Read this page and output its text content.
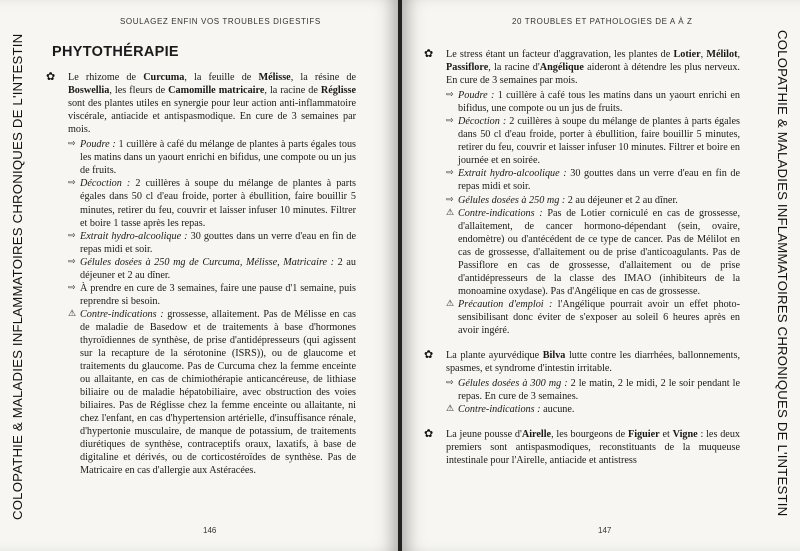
SOULAGEZ ENFIN VOS TROUBLES DIGESTIFS
COLOPATHIE & MALADIES INFLAMMATOIRES CHRONIQUES DE L'INTESTIN PHYTOTHÉRAPIE
✿ Le rhizome de Curcuma, la feuille de Mélisse, la résine de Boswellia, les fleurs de Camomille matricaire, la racine de Réglisse sont des plantes utiles en synergie pour leur action anti-inflammatoire viscérale, antiacide et antispasmodique. En cure de 3 semaines par mois.

⇨ Poudre : 1 cuillère à café du mélange de plantes à parts égales tous les matins dans un yaourt enrichi en bifidus, une compote ou un jus de fruits.
⇨ Décoction : 2 cuillères à soupe du mélange de plantes à parts égales dans 50 cl d'eau froide, porter à ébullition, faire bouillir 5 minutes, retirer du feu, couvrir et laisser infuser 10 minutes. Filtrer et boire 1 tasse après les repas.
⇨ Extrait hydro-alcoolique : 30 gouttes dans un verre d'eau en fin de repas midi et soir.
⇨ Gélules dosées à 250 mg de Curcuma, Mélisse, Matricaire : 2 au déjeuner et 2 au dîner.
⇨ À prendre en cure de 3 semaines, faire une pause d'1 semaine, puis reprendre si besoin.
⚠ Contre-indications : grossesse, allaitement. Pas de Mélisse en cas de maladie de Basedow et de traitements à base d'hormones thyroïdiennes de synthèse, de prise d'antidépresseurs (qui agissent sur la recapture de la sérotonine (ISRS)), ou de glaucome et traitements du glaucome. Pas de Curcuma chez la femme enceinte ou allaitante, en cas de chimiothérapie anticancéreuse, de lithiase biliaire ou de maladie hépatobiliaire, avec obstruction des voies biliaires. Pas de Réglisse chez la femme enceinte ou allaitante, ni chez l'enfant, en cas d'hypertension artérielle, d'insuffisance rénale, d'hypertonie musculaire, de manque de potassium, de traitements diurétiques de synthèse, contraceptifs oraux, laxatifs, à base de digitaline et dérivés, ou de corticostéroïdes de synthèse. Pas de Matricaire en cas d'allergie aux Astéracées.
146
20 TROUBLES ET PATHOLOGIES DE A À Z
COLOPATHIE & MALADIES INFLAMMATOIRES CHRONIQUES DE L'INTESTIN
✿ Le stress étant un facteur d'aggravation, les plantes de Lotier, Mélilot, Passiflore, la racine d'Angélique aideront à détendre les plus nerveux. En cure de 3 semaines par mois.

⇨ Poudre : 1 cuillère à café tous les matins dans un yaourt enrichi en bifidus, une compote ou un jus de fruits.
⇨ Décoction : 2 cuillères à soupe du mélange de plantes à parts égales dans 50 cl d'eau froide, porter à ébullition, faire bouillir 5 minutes, retirer du feu, couvrir et laisser infuser 10 minutes. Filtrer et boire en journée et en soirée.
⇨ Extrait hydro-alcoolique : 30 gouttes dans un verre d'eau en fin de repas midi et soir.
⇨ Gélules dosées à 250 mg : 2 au déjeuner et 2 au dîner.
⚠ Contre-indications : Pas de Lotier corniculé en cas de grossesse, d'allaitement, de cancer hormono-dépendant (sein, ovaire, endomètre) ou d'antécédent de ce type de cancer. Pas de Mélilot en cas de grossesse, d'allaitement ou de prise d'anticoagulants. Pas de Passiflore en cas de grossesse, d'allaitement ou de prise d'antidépresseurs de la classe des IMAO (inhibiteurs de la monoamine oxydase). Pas d'Angélique en cas de grossesse.
⚠ Précaution d'emploi : l'Angélique pourrait avoir un effet photo-sensibilisant donc éviter de s'exposer au soleil 6 heures après en avoir ingéré.
✿ La plante ayurvédique Bilva lutte contre les diarrhées, ballonnements, spasmes, et syndrome d'intestin irritable.

⇨ Gélules dosées à 300 mg : 2 le matin, 2 le midi, 2 le soir pendant le repas. En cure de 3 semaines.
⚠ Contre-indications : aucune.
✿ La jeune pousse d'Airelle, les bourgeons de Figuier et Vigne : les deux premiers sont antispasmodiques, reconstituants de la muqueuse intestinale pour l'Airelle, antiacide et antistress

147
